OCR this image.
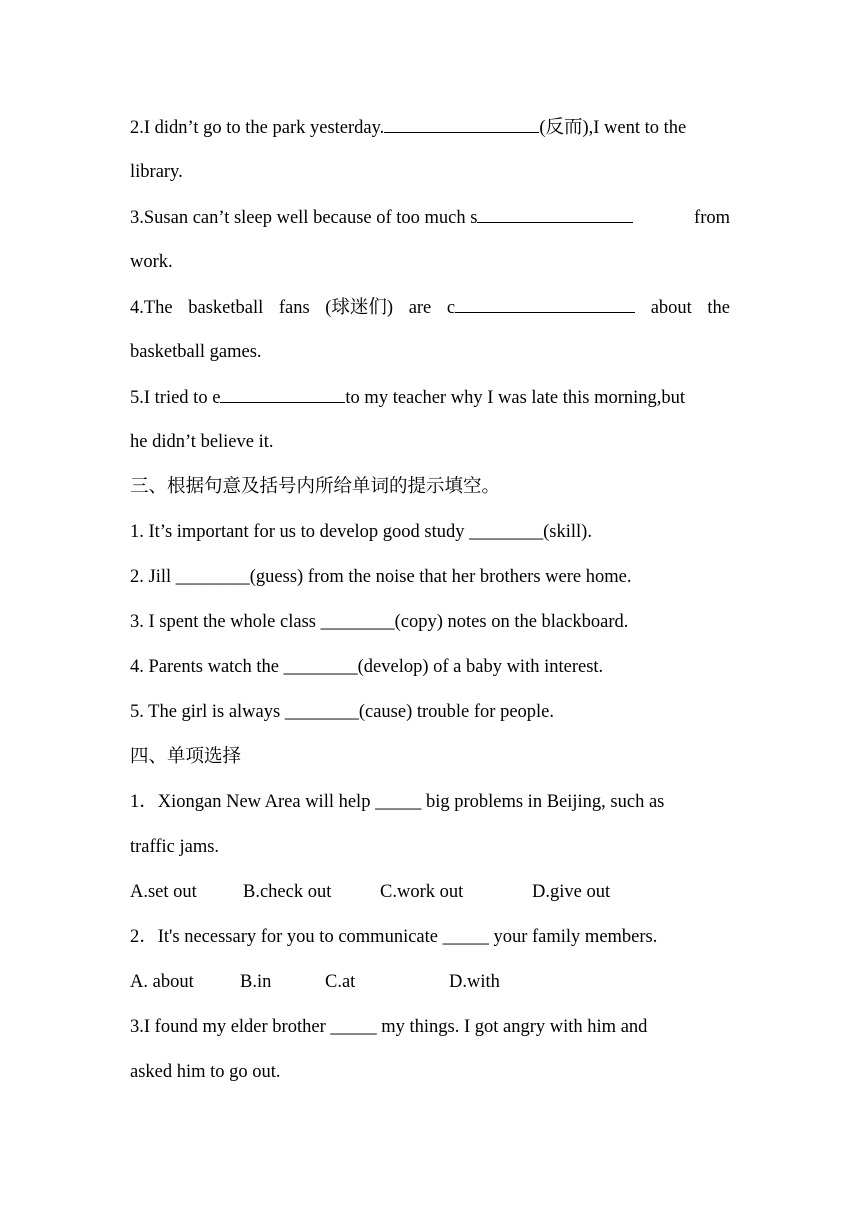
2.I didn’t go to the park yesterday.	(反而),I went to the

library.

3.Susan can’t sleep well because of too much s	from

work.

4.The basketball fans (球迷们) are c	about the

basketball games.

5.I tried to e	to my teacher why I was late this morning,but

he didn’t believe it.

三、根据句意及括号内所给单词的提示填空。

1. It’s important for us to develop good study ________(skill).

2. Jill ________(guess) from the noise that her brothers were home.

3. I spent the whole class ________(copy) notes on the blackboard.

4. Parents watch the ________(develop) of a baby with interest.

5. The girl is always ________(cause) trouble for people.

四、单项选择

1．Xiongan New Area will help _____ big problems in Beijing, such as

traffic jams.

A.set out	B.check out	C.work out	D.give out

2．It's necessary for you to communicate _____ your family members.

A. about	B.in	C.at	D.with

3.I found my elder brother _____ my things. I got angry with him and

asked him to go out.
